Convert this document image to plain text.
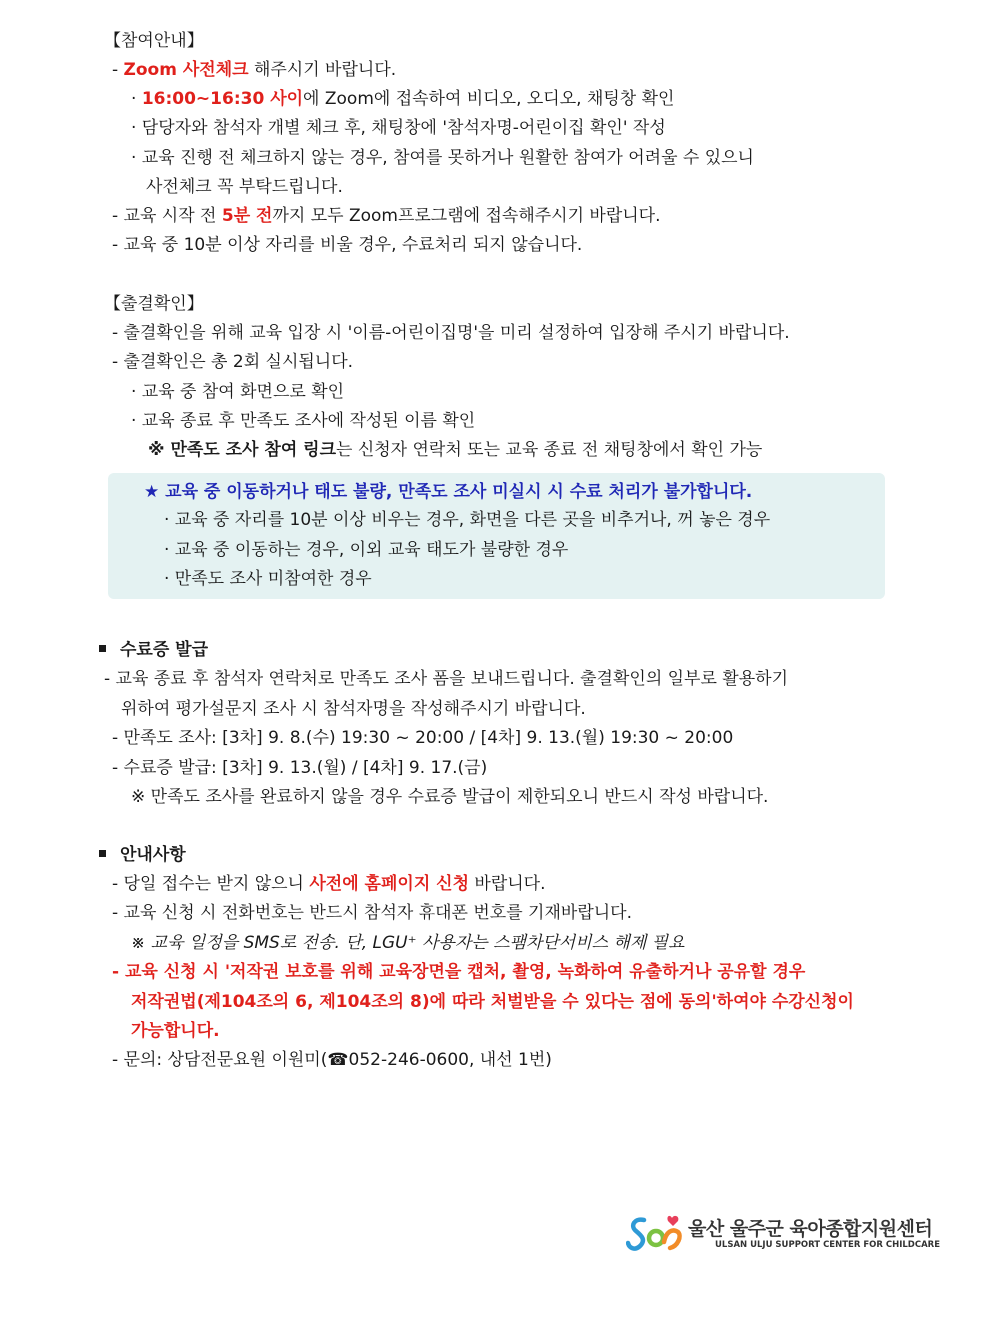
【참여안내】
- Zoom 사전체크 해주시기 바랍니다.
· 16:00~16:30 사이에 Zoom에 접속하여 비디오, 오디오, 채팅창 확인
· 담당자와 참석자 개별 체크 후, 채팅창에 '참석자명-어린이집 확인' 작성
· 교육 진행 전 체크하지 않는 경우, 참여를 못하거나 원활한 참여가 어려울 수 있으니
사전체크 꼭 부탁드립니다.
- 교육 시작 전 5분 전까지 모두 Zoom프로그램에 접속해주시기 바랍니다.
- 교육 중 10분 이상 자리를 비울 경우, 수료처리 되지 않습니다.
【출결확인】
- 출결확인을 위해 교육 입장 시 '이름-어린이집명'을 미리 설정하여 입장해 주시기 바랍니다.
- 출결확인은 총 2회 실시됩니다.
· 교육 중 참여 화면으로 확인
· 교육 종료 후 만족도 조사에 작성된 이름 확인
※ 만족도 조사 참여 링크는 신청자 연락처 또는 교육 종료 전 채팅창에서 확인 가능
★ 교육 중 이동하거나 태도 불량, 만족도 조사 미실시 시 수료 처리가 불가합니다.
· 교육 중 자리를 10분 이상 비우는 경우, 화면을 다른 곳을 비추거나, 꺼 놓은 경우
· 교육 중 이동하는 경우, 이외 교육 태도가 불량한 경우
· 만족도 조사 미참여한 경우
수료증 발급
- 교육 종료 후 참석자 연락처로 만족도 조사 폼을 보내드립니다. 출결확인의 일부로 활용하기
위하여 평가설문지 조사 시 참석자명을 작성해주시기 바랍니다.
- 만족도 조사: [3차] 9. 8.(수) 19:30 ~ 20:00 / [4차] 9. 13.(월) 19:30 ~ 20:00
- 수료증 발급: [3차] 9. 13.(월) / [4차] 9. 17.(금)
※ 만족도 조사를 완료하지 않을 경우 수료증 발급이 제한되오니 반드시 작성 바랍니다.
안내사항
- 당일 접수는 받지 않으니 사전에 홈페이지 신청 바랍니다.
- 교육 신청 시 전화번호는 반드시 참석자 휴대폰 번호를 기재바랍니다.
※ 교육 일정을 SMS로 전송. 단, LGU⁺ 사용자는 스팸차단서비스 해제 필요
- 교육 신청 시 '저작권 보호를 위해 교육장면을 캡처, 촬영, 녹화하여 유출하거나 공유할 경우
저작권법(제104조의 6, 제104조의 8)에 따라 처벌받을 수 있다는 점에 동의'하여야 수강신청이
가능합니다.
- 문의: 상담전문요원 이원미(☎052-246-0600, 내선 1번)
울산 울주군 육아종합지원센터
ULSAN ULJU SUPPORT CENTER FOR CHILDCARE
